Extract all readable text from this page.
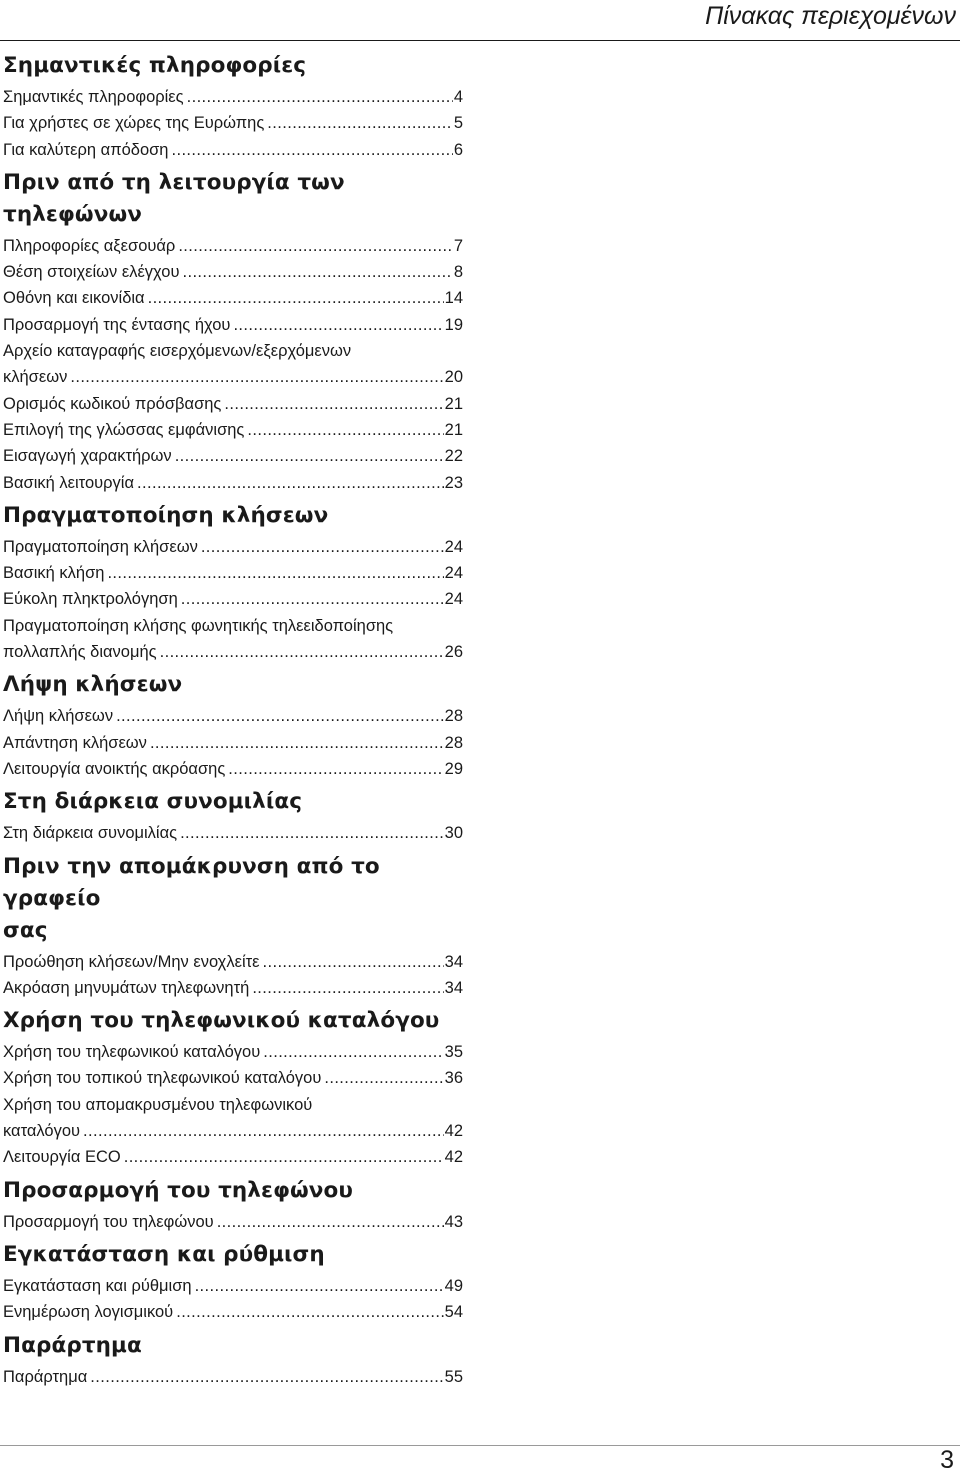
Πίνακας περιεχομένων
Σημαντικές πληροφορίες
Σημαντικές πληροφορίες .....	4
Για χρήστες σε χώρες της Ευρώπης .....	5
Για καλύτερη απόδοση .....	6
Πριν από τη λειτουργία των τηλεφώνων
Πληροφορίες αξεσουάρ .....	7
Θέση στοιχείων ελέγχου .....	8
Οθόνη και εικονίδια .....	14
Προσαρμογή της έντασης ήχου .....	19
Αρχείο καταγραφής εισερχόμενων/εξερχόμενων
κλήσεων .....	20
Ορισμός κωδικού πρόσβασης .....	21
Επιλογή της γλώσσας εμφάνισης .....	21
Εισαγωγή χαρακτήρων .....	22
Βασική λειτουργία .....	23
Πραγματοποίηση κλήσεων
Πραγματοποίηση κλήσεων .....	24
Βασική κλήση .....	24
Εύκολη πληκτρολόγηση .....	24
Πραγματοποίηση κλήσης φωνητικής τηλεειδοποίησης
πολλαπλής διανομής .....	26
Λήψη κλήσεων
Λήψη κλήσεων .....	28
Απάντηση κλήσεων .....	28
Λειτουργία ανοικτής ακρόασης .....	29
Στη διάρκεια συνομιλίας
Στη διάρκεια συνομιλίας .....	30
Πριν την απομάκρυνση από το γραφείο
σας
Προώθηση κλήσεων/Μην ενοχλείτε .....	34
Ακρόαση μηνυμάτων τηλεφωνητή .....	34
Χρήση του τηλεφωνικού καταλόγου
Χρήση του τηλεφωνικού καταλόγου .....	35
Χρήση του τοπικού τηλεφωνικού καταλόγου .....	36
Χρήση του απομακρυσμένου τηλεφωνικού
καταλόγου .....	42
Λειτουργία ECO .....	42
Προσαρμογή του τηλεφώνου
Προσαρμογή του τηλεφώνου .....	43
Εγκατάσταση και ρύθμιση
Εγκατάσταση και ρύθμιση .....	49
Ενημέρωση λογισμικού .....	54
Παράρτημα
Παράρτημα .....	55
3
